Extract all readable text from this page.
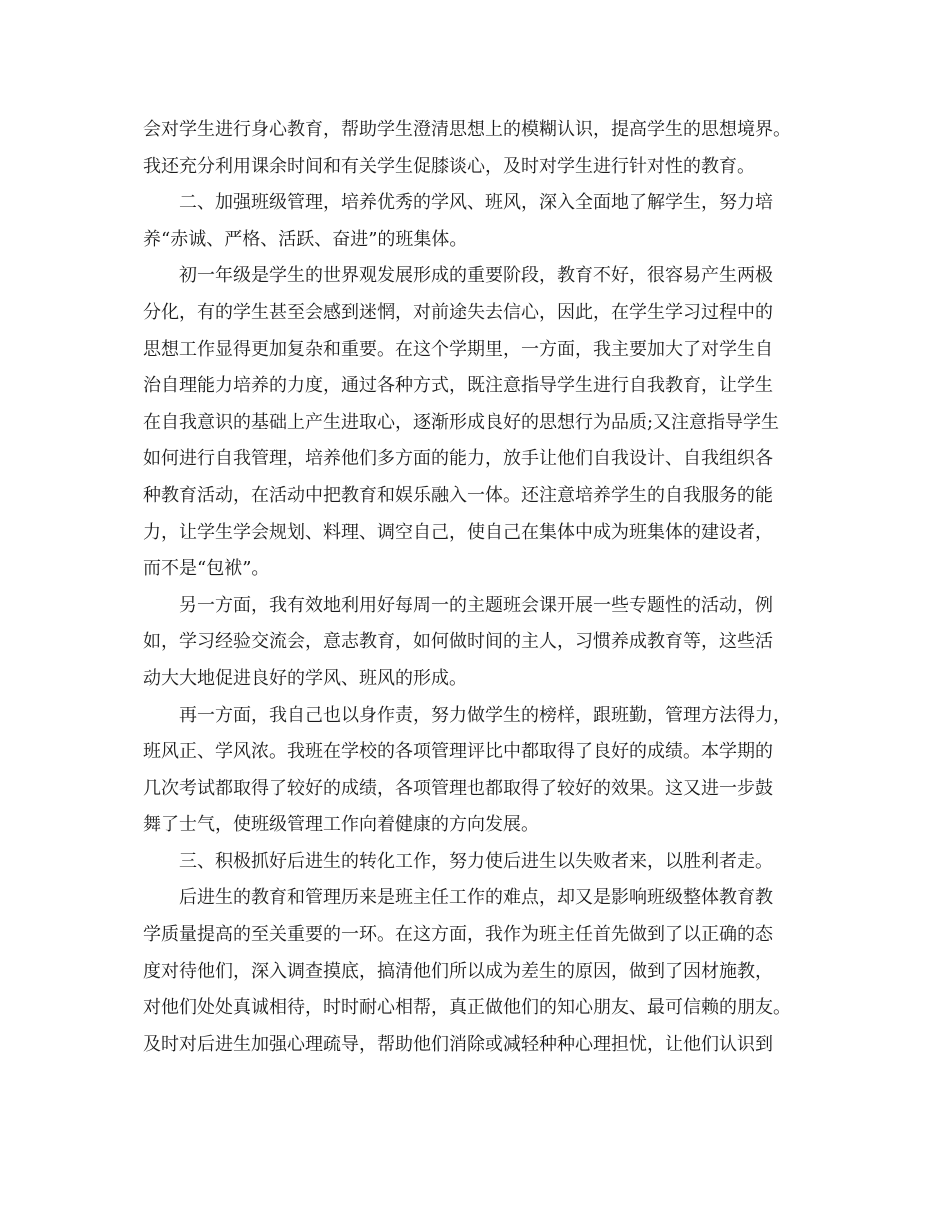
会对学生进行身心教育，帮助学生澄清思想上的模糊认识，提高学生的思想境界。
我还充分利用课余时间和有关学生促膝谈心，及时对学生进行针对性的教育。
二、加强班级管理，培养优秀的学风、班风，深入全面地了解学生，努力培
养“赤诚、严格、活跃、奋进”的班集体。
初一年级是学生的世界观发展形成的重要阶段，教育不好，很容易产生两极
分化，有的学生甚至会感到迷惘，对前途失去信心，因此，在学生学习过程中的
思想工作显得更加复杂和重要。在这个学期里，一方面，我主要加大了对学生自
治自理能力培养的力度，通过各种方式，既注意指导学生进行自我教育，让学生
在自我意识的基础上产生进取心，逐渐形成良好的思想行为品质;又注意指导学生
如何进行自我管理，培养他们多方面的能力，放手让他们自我设计、自我组织各
种教育活动，在活动中把教育和娱乐融入一体。还注意培养学生的自我服务的能
力，让学生学会规划、料理、调空自己，使自己在集体中成为班集体的建设者，
而不是“包袱”。
另一方面，我有效地利用好每周一的主题班会课开展一些专题性的活动，例
如，学习经验交流会，意志教育，如何做时间的主人，习惯养成教育等，这些活
动大大地促进良好的学风、班风的形成。
再一方面，我自己也以身作责，努力做学生的榜样，跟班勤，管理方法得力，
班风正、学风浓。我班在学校的各项管理评比中都取得了良好的成绩。本学期的
几次考试都取得了较好的成绩，各项管理也都取得了较好的效果。这又进一步鼓
舞了士气，使班级管理工作向着健康的方向发展。
三、积极抓好后进生的转化工作，努力使后进生以失败者来，以胜利者走。
后进生的教育和管理历来是班主任工作的难点，却又是影响班级整体教育教
学质量提高的至关重要的一环。在这方面，我作为班主任首先做到了以正确的态
度对待他们，深入调查摸底，搞清他们所以成为差生的原因，做到了因材施教，
对他们处处真诚相待，时时耐心相帮，真正做他们的知心朋友、最可信赖的朋友。
及时对后进生加强心理疏导，帮助他们消除或减轻种种心理担忧，让他们认识到
